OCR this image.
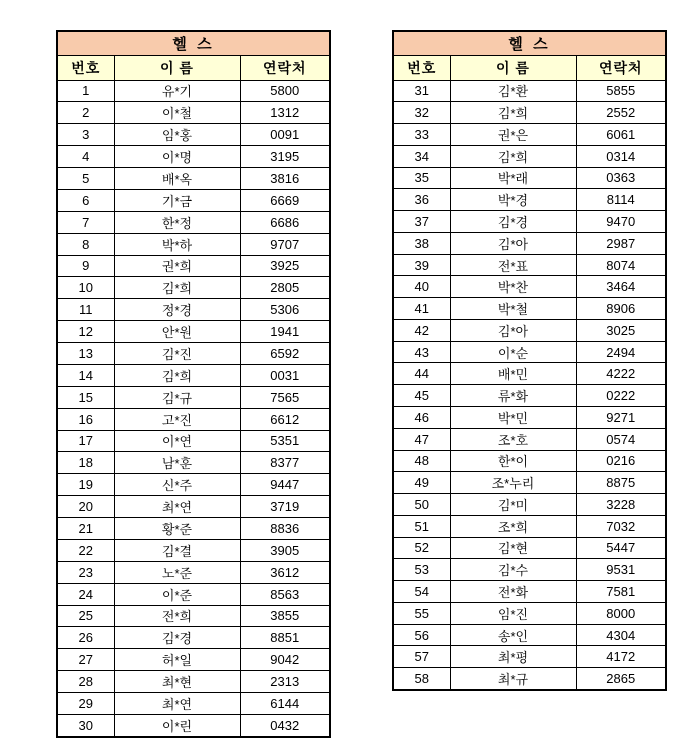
헬 스		
번호	이 름	연락처
1	유*기	5800
2	이*철	1312
3	임*홍	0091
4	이*명	3195
5	배*옥	3816
6	기*금	6669
7	한*정	6686
8	박*하	9707
9	권*희	3925
10	김*희	2805
11	정*경	5306
12	안*원	1941
13	김*진	6592
14	김*희	0031
15	김*규	7565
16	고*진	6612
17	이*연	5351
18	남*훈	8377
19	신*주	9447
20	최*연	3719
21	황*준	8836
22	김*결	3905
23	노*준	3612
24	이*준	8563
25	전*희	3855
26	김*경	8851
27	허*일	9042
28	최*현	2313
29	최*연	6144
30	이*린	0432
헬 스		
번호	이 름	연락처
31	김*환	5855
32	김*희	2552
33	권*은	6061
34	김*희	0314
35	박*래	0363
36	박*경	8114
37	김*경	9470
38	김*아	2987
39	전*표	8074
40	박*찬	3464
41	박*철	8906
42	김*아	3025
43	이*순	2494
44	배*민	4222
45	류*화	0222
46	박*민	9271
47	조*호	0574
48	한*이	0216
49	조*누리	8875
50	김*미	3228
51	조*희	7032
52	김*현	5447
53	김*수	9531
54	전*화	7581
55	임*진	8000
56	송*인	4304
57	최*평	4172
58	최*규	2865
